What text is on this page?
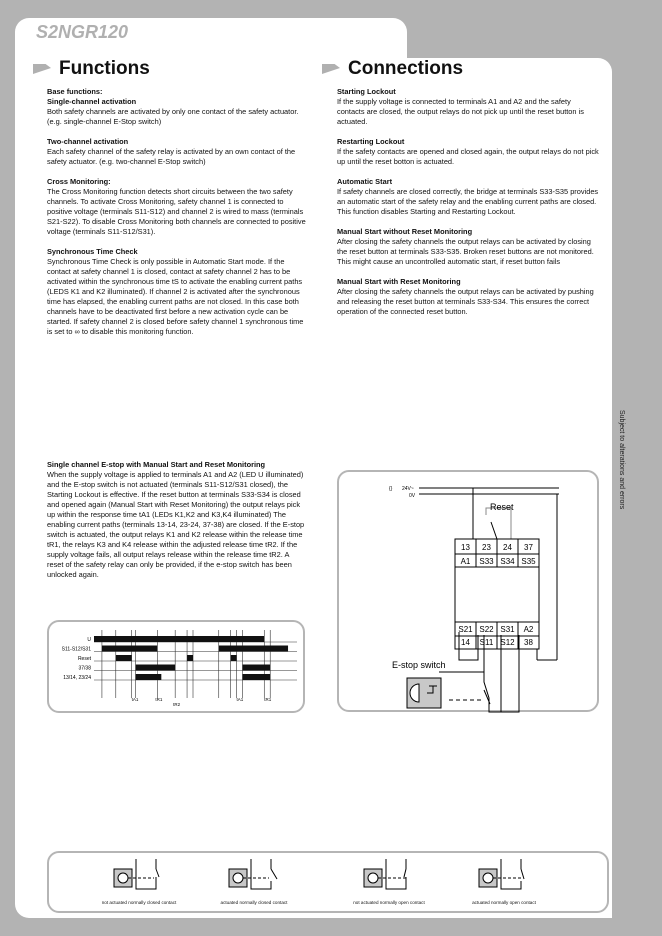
S2NGR120
Functions	Connections

Base functions:
Single-channel activation
Both safety channels are activated by only one contact of the safety actuator. (e.g. single-channel E-Stop switch)

Two-channel activation
Each safety channel of the safety relay is activated by an own contact of the safety actuator. (e.g. two-channel E-Stop switch)

Cross Monitoring:
The Cross Monitoring function detects short circuits between the two safety channels. To activate Cross Monitoring, safety channel 1 is connected to positive voltage (terminals S11-S12) and channel 2 is wired to mass (terminals S21-S22). To disable Cross Monitoring both channels are connected to positive voltage (terminals S11-S12/S31).

Synchronous Time Check
Synchronous Time Check is only possible in Automatic Start mode. If the contact at safety channel 1 is closed, contact at safety channel 2 has to be activated within the synchronous time tS to activate the enabling current paths (LEDS K1 and K2 illuminated). If channel 2 is activated after the synchronous time has elapsed, the enabling current paths are not closed. In this case both channels have to be deactivated first before a new activation cycle can be started. If safety channel 2 is closed before safety channel 1 synchronous time is set to ∞ to disable this monitoring function.

Starting Lockout
If the supply voltage is connected to terminals A1 and A2 and the safety contacts are closed, the output relays do not pick up until the reset button is actuated.

Restarting Lockout
If the safety contacts are opened and closed again, the output relays do not pick up until the reset botton is actuated.

Automatic Start
If safety channels are closed correctly, the bridge at terminals S33-S35 provides an automatic start of the safety relay and the enabling current paths are closed. This function disables Starting and Restarting Lockout.

Manual Start without Reset Monitoring
After closing the safety channels the output relays can be activated by closing the reset button at terminals S33-S35. Broken reset buttons are not monitored. This might cause an uncontrolled automatic start, if reset button fails

Manual Start with Reset Monitoring
After closing the safety channels the output relays can be activated by pushing and releasing the reset button at terminals S33-S34. This ensures the correct operation of the connected reset button.

Single channel E-stop with Manual Start and Reset Monitoring
When the supply voltage is applied to terminals A1 and A2 (LED U illuminated) and the E-stop switch is not actuated (terminals S11-S12/S31 closed), the Starting Lockout is effective. If the reset button at terminals S33-S34 is closed and opened again (Manual Start with Reset Monitoring) the output relays pick up within the response time tA1 (LEDs K1,K2 and K3,K4 illuminated) The enabling current paths (terminals 13-14, 23-24, 37-38) are closed. If the E-stop switch is actuated, the output relays K1 and K2 release within the release time tR1, the relays K3 and K4 release within the adjusted release time tR2. If the supply voltage fails, all output relays release within the release time tR2. A reset of the safety relay can only be provided, if the e-stop switch has been unlocked again.
Subject to alterations and errors
U
S11-S12/S31
Reset
37/38
13/14, 23/24
tA1	tR1
tR2
tA1	tR1
{} 24V~
0V
Reset
13 23 24 37
A1 S33 S34 S35
S21 S22 S31 A2
14 S11 S12 38
E-stop switch
not actuated normally closed contact	actuated normally closed contact	not actuated normally open contact	actuated normally open contact
